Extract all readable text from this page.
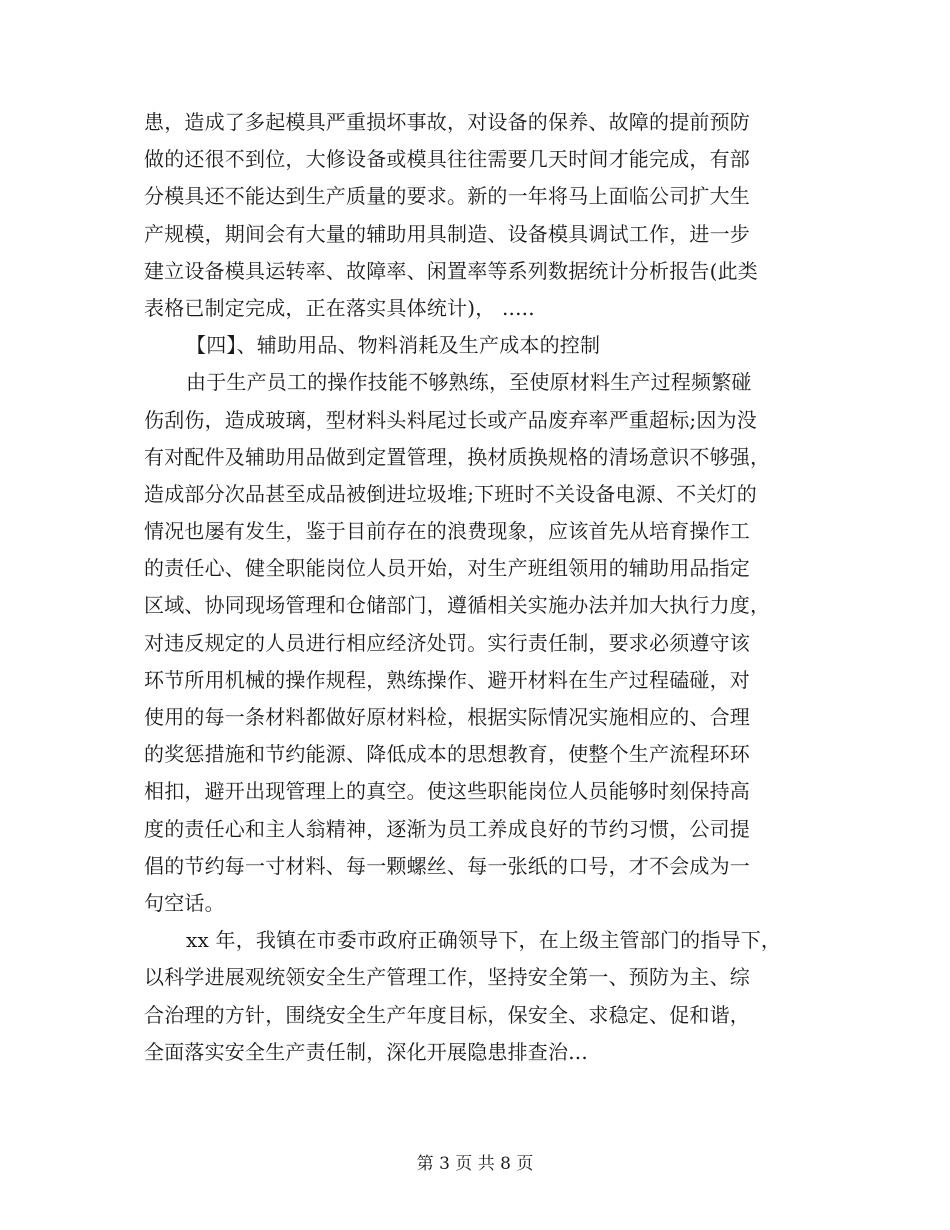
患，造成了多起模具严重损坏事故，对设备的保养、故障的提前预防
做的还很不到位，大修设备或模具往往需要几天时间才能完成，有部
分模具还不能达到生产质量的要求。新的一年将马上面临公司扩大生
产规模，期间会有大量的辅助用具制造、设备模具调试工作，进一步
建立设备模具运转率、故障率、闲置率等系列数据统计分析报告(此类
表格已制定完成，正在落实具体统计)， .....
【四】、辅助用品、物料消耗及生产成本的控制
由于生产员工的操作技能不够熟练，至使原材料生产过程频繁碰
伤刮伤，造成玻璃，型材料头料尾过长或产品废弃率严重超标;因为没
有对配件及辅助用品做到定置管理，换材质换规格的清场意识不够强，
造成部分次品甚至成品被倒进垃圾堆;下班时不关设备电源、不关灯的
情况也屡有发生，鉴于目前存在的浪费现象，应该首先从培育操作工
的责任心、健全职能岗位人员开始，对生产班组领用的辅助用品指定
区域、协同现场管理和仓储部门，遵循相关实施办法并加大执行力度，
对违反规定的人员进行相应经济处罚。实行责任制，要求必须遵守该
环节所用机械的操作规程，熟练操作、避开材料在生产过程磕碰，对
使用的每一条材料都做好原材料检，根据实际情况实施相应的、合理
的奖惩措施和节约能源、降低成本的思想教育，使整个生产流程环环
相扣，避开出现管理上的真空。使这些职能岗位人员能够时刻保持高
度的责任心和主人翁精神，逐渐为员工养成良好的节约习惯，公司提
倡的节约每一寸材料、每一颗螺丝、每一张纸的口号，才不会成为一
句空话。
xx 年，我镇在市委市政府正确领导下，在上级主管部门的指导下，
以科学进展观统领安全生产管理工作，坚持安全第一、预防为主、综
合治理的方针，围绕安全生产年度目标，保安全、求稳定、促和谐，
全面落实安全生产责任制，深化开展隐患排查治...
第 3 页 共 8 页
